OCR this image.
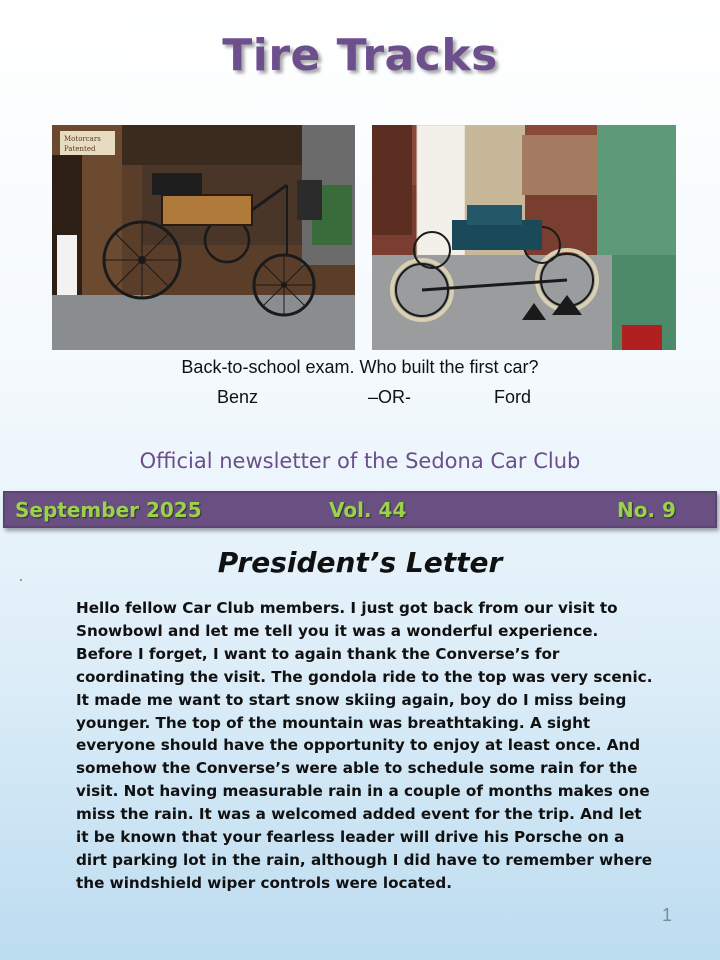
Tire Tracks
Motorcars
Patented
Back-to-school exam. Who built the first car?
Benz	–OR-	Ford
Official newsletter of the Sedona Car Club
September 2025	Vol. 44	No. 9
President’s Letter
Hello fellow Car Club members. I just got back from our visit to
Snowbowl and let me tell you it was a wonderful experience.
Before I forget, I want to again thank the Converse’s for
coordinating the visit. The gondola ride to the top was very scenic.
It made me want to start snow skiing again, boy do I miss being
younger. The top of the mountain was breathtaking. A sight
everyone should have the opportunity to enjoy at least once. And
somehow the Converse’s were able to schedule some rain for the
visit. Not having measurable rain in a couple of months makes one
miss the rain. It was a welcomed added event for the trip. And let
it be known that your fearless leader will drive his Porsche on a
dirt parking lot in the rain, although I did have to remember where
the windshield wiper controls were located.
1
